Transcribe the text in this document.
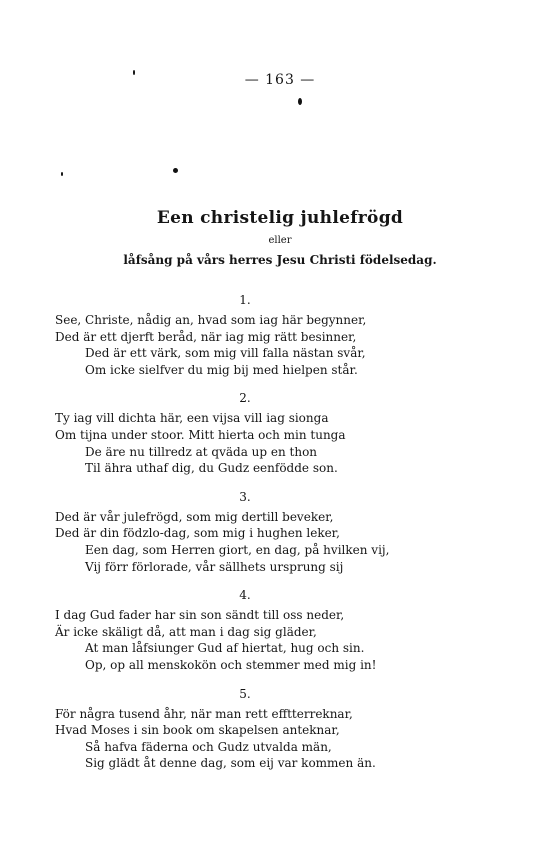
— 163 —
Een christelig juhlefrögd
eller
låfsång på vårs herres Jesu Christi födelsedag.
1.
See, Christe, nådig an, hvad som iag här begynner,
Ded är ett djerft beråd, när iag mig rätt besinner,
Ded är ett värk, som mig vill falla nästan svår,
Om icke sielfver du mig bij med hielpen står.
2.
Ty iag vill dichta här, een vijsa vill iag sionga
Om tijna under stoor. Mitt hierta och min tunga
De äre nu tillredz at qväda up en thon
Til ähra uthaf dig, du Gudz eenfödde son.
3.
Ded är vår julefrögd, som mig dertill beveker,
Ded är din födzlo-dag, som mig i hughen leker,
Een dag, som Herren giort, en dag, på hvilken vij,
Vij förr förlorade, vår sällhets ursprung sij
4.
I dag Gud fader har sin son sändt till oss neder,
Är icke skäligt då, att man i dag sig gläder,
At man låfsiunger Gud af hiertat, hug och sin.
Op, op all menskokön och stemmer med mig in!
5.
För några tusend åhr, när man rett efftterreknar,
Hvad Moses i sin book om skapelsen anteknar,
Så hafva fäderna och Gudz utvalda män,
Sig glädt åt denne dag, som eij var kommen än.
